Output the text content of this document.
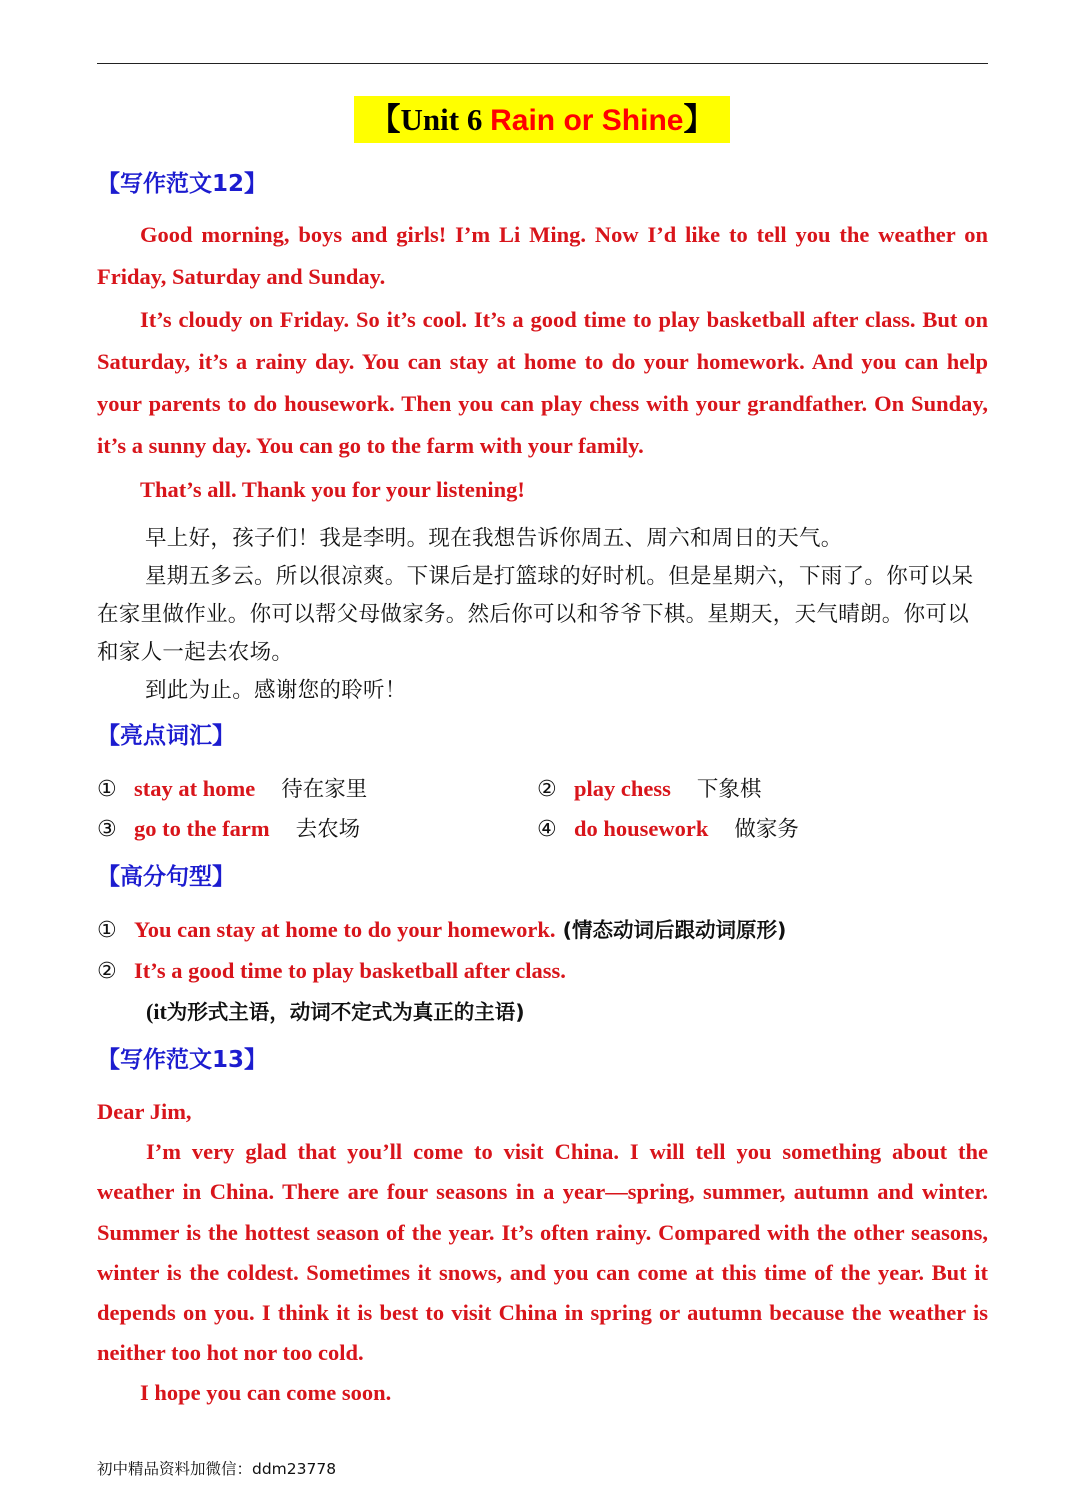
【Unit 6 Rain or Shine】
【写作范文12】

Good morning, boys and girls! I’m Li Ming. Now I’d like to tell you the weather on Friday, Saturday and Sunday.

It’s cloudy on Friday. So it’s cool. It’s a good time to play basketball after class. But on Saturday, it’s a rainy day. You can stay at home to do your homework. And you can help your parents to do housework. Then you can play chess with your grandfather. On Sunday, it’s a sunny day. You can go to the farm with your family.

That’s all. Thank you for your listening!

早上好，孩子们！我是李明。现在我想告诉你周五、周六和周日的天气。

星期五多云。所以很凉爽。下课后是打篮球的好时机。但是星期六，下雨了。你可以呆在家里做作业。你可以帮父母做家务。然后你可以和爷爷下棋。星期天，天气晴朗。你可以和家人一起去农场。

到此为止。感谢您的聆听！

【亮点词汇】
① stay at home 待在家里	② play chess 下象棋
③ go to the farm 去农场	④ do housework 做家务
【高分句型】
① You can stay at home to do your homework. (情态动词后跟动词原形)
② It’s a good time to play basketball after class.
(it为形式主语，动词不定式为真正的主语)
【写作范文13】

Dear Jim,

I’m very glad that you’ll come to visit China. I will tell you something about the weather in China. There are four seasons in a year—spring, summer, autumn and winter. Summer is the hottest season of the year. It’s often rainy. Compared with the other seasons, winter is the coldest. Sometimes it snows, and you can come at this time of the year. But it depends on you. I think it is best to visit China in spring or autumn because the weather is neither too hot nor too cold.

I hope you can come soon.

初中精品资料加微信：ddm23778
